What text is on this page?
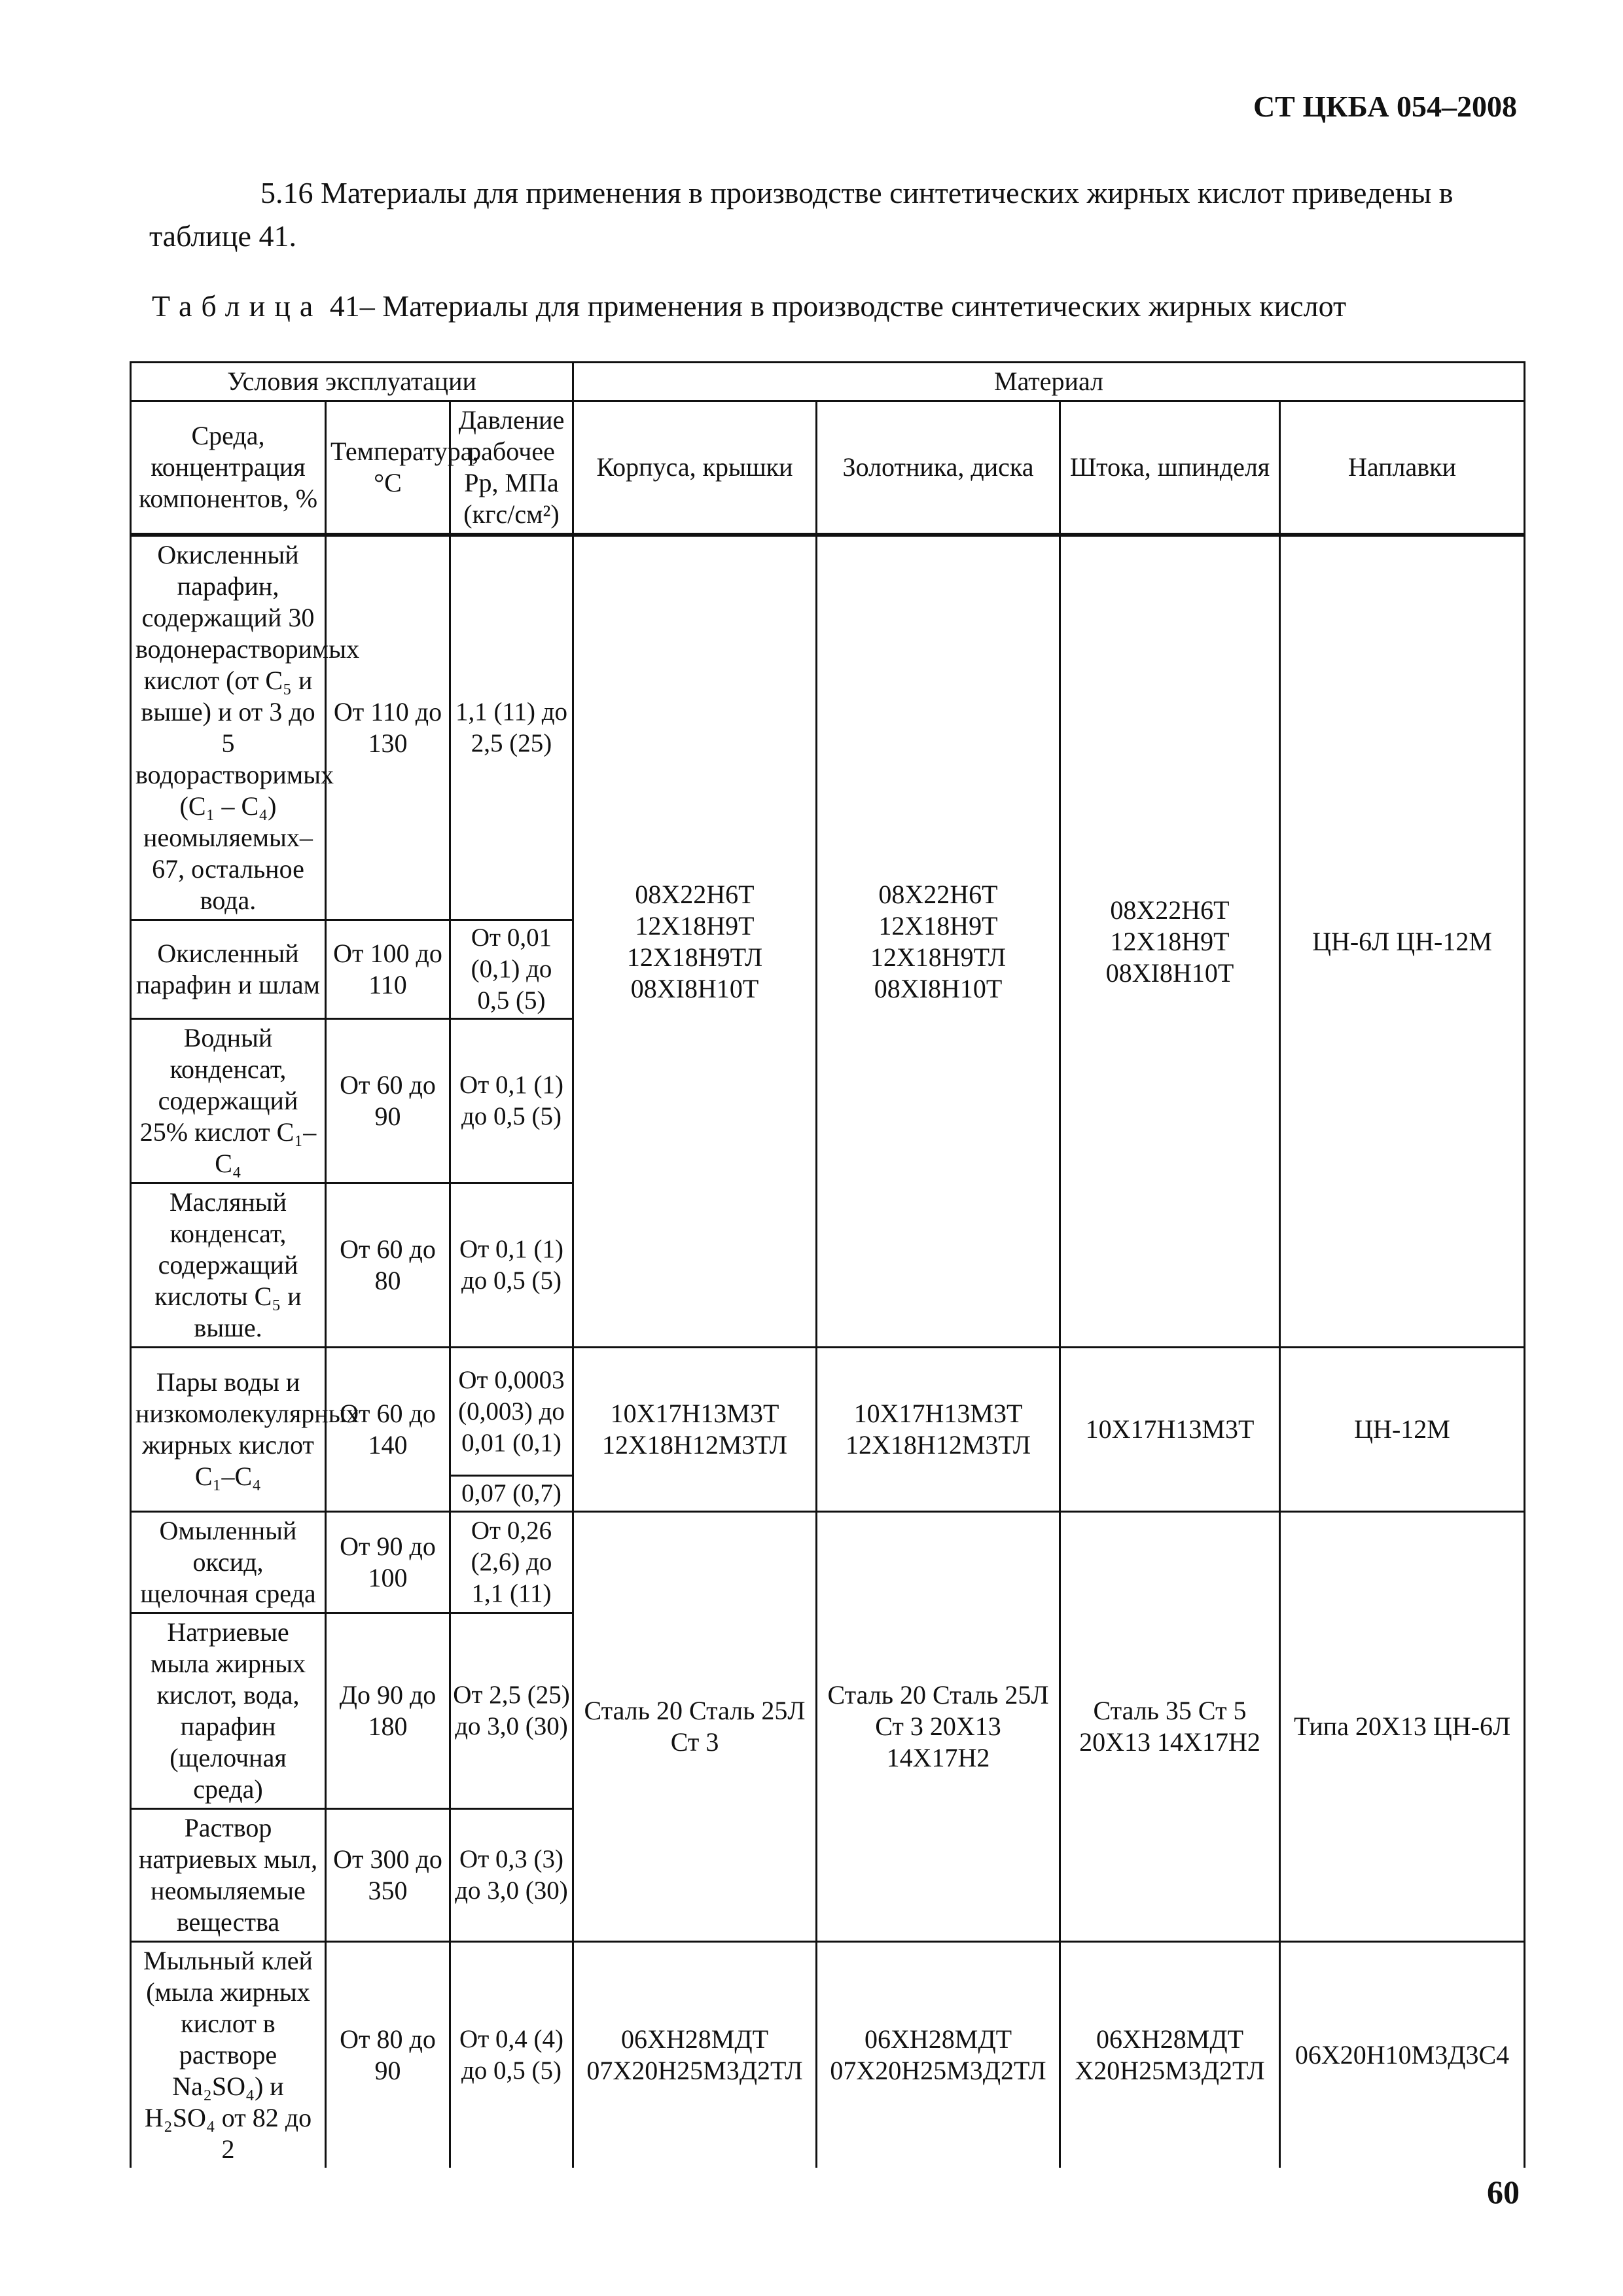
СТ ЦКБА 054–2008
5.16 Материалы для применения в производстве синтетических жирных кислот приведены в таблице 41.
Таблица 41– Материалы для применения в производстве синтетических жирных кислот
Условия эксплуатации			Материал			
Среда, концентрация компонентов, %	Температура, °С	Давление рабочее Рр, МПа (кгс/см²)	Корпуса, крышки	Золотника, диска	Штока, шпинделя	Наплавки
Окисленный парафин, содержащий 30 водонерастворимых кислот (от С₅ и выше) и от 3 до 5 водорастворимых (С₁ – С₄) неомыляемых– 67, остальное вода.	От 110 до 130	1,1 (11) до 2,5 (25)	08Х22Н6Т 12Х18Н9Т 12Х18Н9ТЛ 08ХI8Н10Т	08Х22Н6Т 12Х18Н9Т 12Х18Н9ТЛ 08ХI8Н10Т	08Х22Н6Т 12Х18Н9Т 08ХI8Н10Т	ЦН-6Л ЦН-12М
Окисленный парафин и шлам	От 100 до 110	От 0,01 (0,1) до 0,5 (5)				
Водный конденсат, содержащий 25% кислот С₁–С₄	От 60 до 90	От 0,1 (1) до 0,5 (5)				
Масляный конденсат, содержащий кислоты С₅ и выше.	От 60 до 80	От 0,1 (1) до 0,5 (5)				
Пары воды и низкомолекулярных жирных кислот С₁–С₄	От 60 до 140	От 0,0003 (0,003) до 0,01 (0,1)	10Х17Н13М3Т 12Х18Н12М3ТЛ	10Х17Н13М3Т 12Х18Н12М3ТЛ	10Х17Н13М3Т	ЦН-12М
		0,07 (0,7)				
Омыленный оксид, щелочная среда	От 90 до 100	От 0,26 (2,6) до 1,1 (11)	Сталь 20 Сталь 25Л Ст 3	Сталь 20 Сталь 25Л Ст 3 20Х13 14Х17Н2	Сталь 35 Ст 5 20Х13 14Х17Н2	Типа 20Х13 ЦН-6Л
Натриевые мыла жирных кислот, вода, парафин (щелочная среда)	До 90 до 180	От 2,5 (25) до 3,0 (30)				
Раствор натриевых мыл, неомыляемые вещества	От 300 до 350	От 0,3 (3) до 3,0 (30)				
Мыльный клей (мыла жирных кислот в растворе Na₂SO₄) и H₂SO₄ от 82 до 2	От 80 до 90	От 0,4 (4) до 0,5 (5)	06ХН28МДТ 07Х20Н25М3Д2ТЛ	06ХН28МДТ 07Х20Н25М3Д2ТЛ	06ХН28МДТ Х20Н25М3Д2ТЛ	06Х20Н10М3Д3С4
60
